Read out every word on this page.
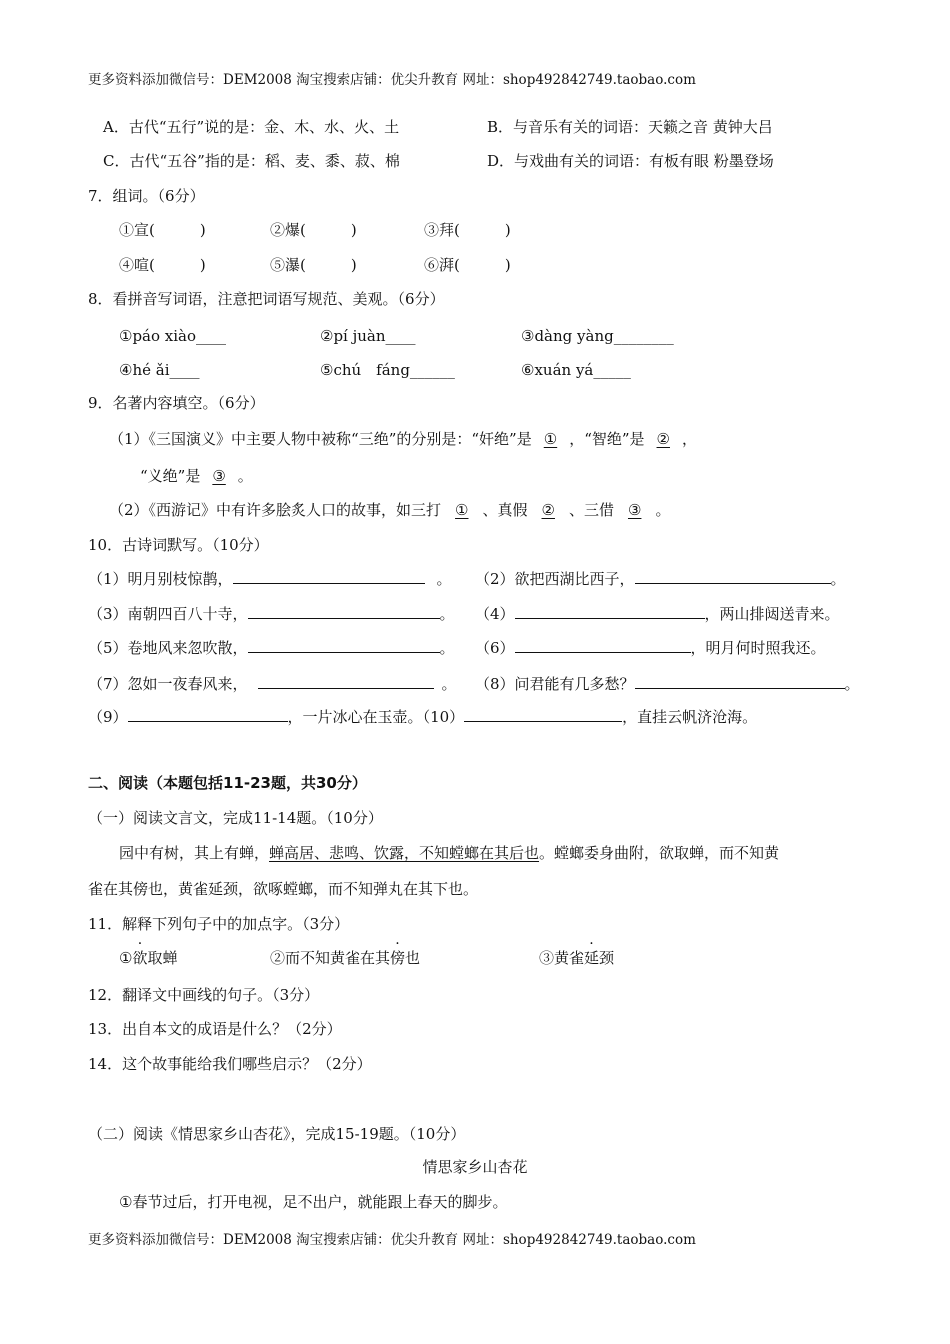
更多资料添加微信号：DEM2008 淘宝搜索店铺：优尖升教育 网址：shop492842749.taobao.com
A．古代“五行”说的是：金、木、水、火、土	B．与音乐有关的词语：天籁之音 黄钟大吕
C．古代“五谷”指的是：稻、麦、黍、菽、棉	D．与戏曲有关的词语：有板有眼 粉墨登场
7．组词。（6分）
①宣(　　　)	②爆(　　　)	③拜(　　　)
④喧(　　　)	⑤瀑(　　　)	⑥湃(　　　)
8．看拼音写词语，注意把词语写规范、美观。（6分）
①páo xiào____	②pí juàn____	③dàng yàng________
④hé ǎi____	⑤chú　fáng______	⑥xuán yá_____
9．名著内容填空。（6分）
（1）《三国演义》中主要人物中被称“三绝”的分别是：“奸绝”是 ① ，“智绝”是 ② ，
“义绝”是 ③ 。
（2）《西游记》中有许多脍炙人口的故事，如三打 ① 、真假 ② 、三借 ③ 。
10．古诗词默写。（10分）
（1）明月别枝惊鹊，	。 （2）欲把西湖比西子，	。
（3）南朝四百八十寺，	。 （4）	，两山排闼送青来。
（5）卷地风来忽吹散，	。 （6）	，明月何时照我还。
（7）忽如一夜春风来，	。 （8）问君能有几多愁？	。
（9）	，一片冰心在玉壶。（10）	，直挂云帆济沧海。
二、阅读（本题包括11-23题，共30分）
（一）阅读文言文，完成11-14题。（10分）
园中有树，其上有蝉，蝉高居、悲鸣、饮露，不知螳螂在其后也。螳螂委身曲附，欲取蝉，而不知黄
雀在其傍也，黄雀延颈，欲啄螳螂，而不知弹丸在其下也。
11．解释下列句子中的加点字。（3分）
①欲取蝉	②而不知黄雀在其傍也	③黄雀延颈
12．翻译文中画线的句子。（3分）
13．出自本文的成语是什么？（2分）
14．这个故事能给我们哪些启示？（2分）
（二）阅读《情思家乡山杏花》，完成15-19题。（10分）
情思家乡山杏花
①春节过后，打开电视，足不出户，就能跟上春天的脚步。
更多资料添加微信号：DEM2008 淘宝搜索店铺：优尖升教育 网址：shop492842749.taobao.com
